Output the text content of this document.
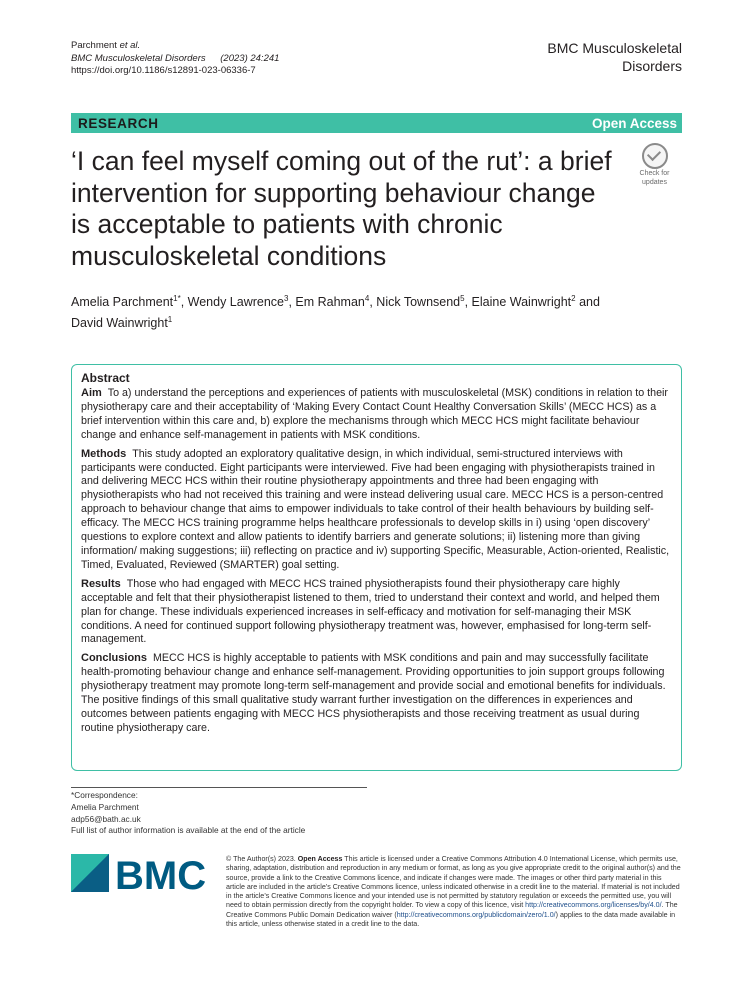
Parchment et al.
BMC Musculoskeletal Disorders (2023) 24:241
https://doi.org/10.1186/s12891-023-06336-7
BMC Musculoskeletal
Disorders
RESEARCH	Open Access
‘I can feel myself coming out of the rut’: a brief intervention for supporting behaviour change is acceptable to patients with chronic musculoskeletal conditions
Check for
updates
Amelia Parchment$^{1*}$, Wendy Lawrence$^3$, Em Rahman$^4$, Nick Townsend$^5$, Elaine Wainwright$^2$ and David Wainwright$^1$
Abstract

Aim To a) understand the perceptions and experiences of patients with musculoskeletal (MSK) conditions in relation to their physiotherapy care and their acceptability of ‘Making Every Contact Count Healthy Conversation Skills’ (MECC HCS) as a brief intervention within this care and, b) explore the mechanisms through which MECC HCS might facilitate behaviour change and enhance self-management in patients with MSK conditions.

Methods This study adopted an exploratory qualitative design, in which individual, semi-structured interviews with participants were conducted. Eight participants were interviewed. Five had been engaging with physiotherapists trained in and delivering MECC HCS within their routine physiotherapy appointments and three had been engaging with physiotherapists who had not received this training and were instead delivering usual care. MECC HCS is a person-centred approach to behaviour change that aims to empower individuals to take control of their health behaviours by building self-efficacy. The MECC HCS training programme helps healthcare professionals to develop skills in i) using ‘open discovery’ questions to explore context and allow patients to identify barriers and generate solutions; ii) listening more than giving information/ making suggestions; iii) reflecting on practice and iv) supporting Specific, Measurable, Action-oriented, Realistic, Timed, Evaluated, Reviewed (SMARTER) goal setting.

Results Those who had engaged with MECC HCS trained physiotherapists found their physiotherapy care highly acceptable and felt that their physiotherapist listened to them, tried to understand their context and world, and helped them plan for change. These individuals experienced increases in self-efficacy and motivation for self-managing their MSK conditions. A need for continued support following physiotherapy treatment was, however, emphasised for long-term self-management.

Conclusions MECC HCS is highly acceptable to patients with MSK conditions and pain and may successfully facilitate health-promoting behaviour change and enhance self-management. Providing opportunities to join support groups following physiotherapy treatment may promote long-term self-management and provide social and emotional benefits for individuals. The positive findings of this small qualitative study warrant further investigation on the differences in experiences and outcomes between patients engaging with MECC HCS physiotherapists and those receiving treatment as usual during routine physiotherapy care.

*Correspondence:
Amelia Parchment
adp56@bath.ac.uk
Full list of author information is available at the end of the article
BMC	© The Author(s) 2023. Open Access This article is licensed under a Creative Commons Attribution 4.0 International License, which permits use, sharing, adaptation, distribution and reproduction in any medium or format, as long as you give appropriate credit to the original author(s) and the source, provide a link to the Creative Commons licence, and indicate if changes were made. The images or other third party material in this article are included in the article’s Creative Commons licence, unless indicated otherwise in a credit line to the material. If material is not included in the article’s Creative Commons licence and your intended use is not permitted by statutory regulation or exceeds the permitted use, you will need to obtain permission directly from the copyright holder. To view a copy of this licence, visit http://creativecommons.org/licenses/by/4.0/. The Creative Commons Public Domain Dedication waiver (http://creativecommons.org/publicdomain/zero/1.0/) applies to the data made available in this article, unless otherwise stated in a credit line to the data.
